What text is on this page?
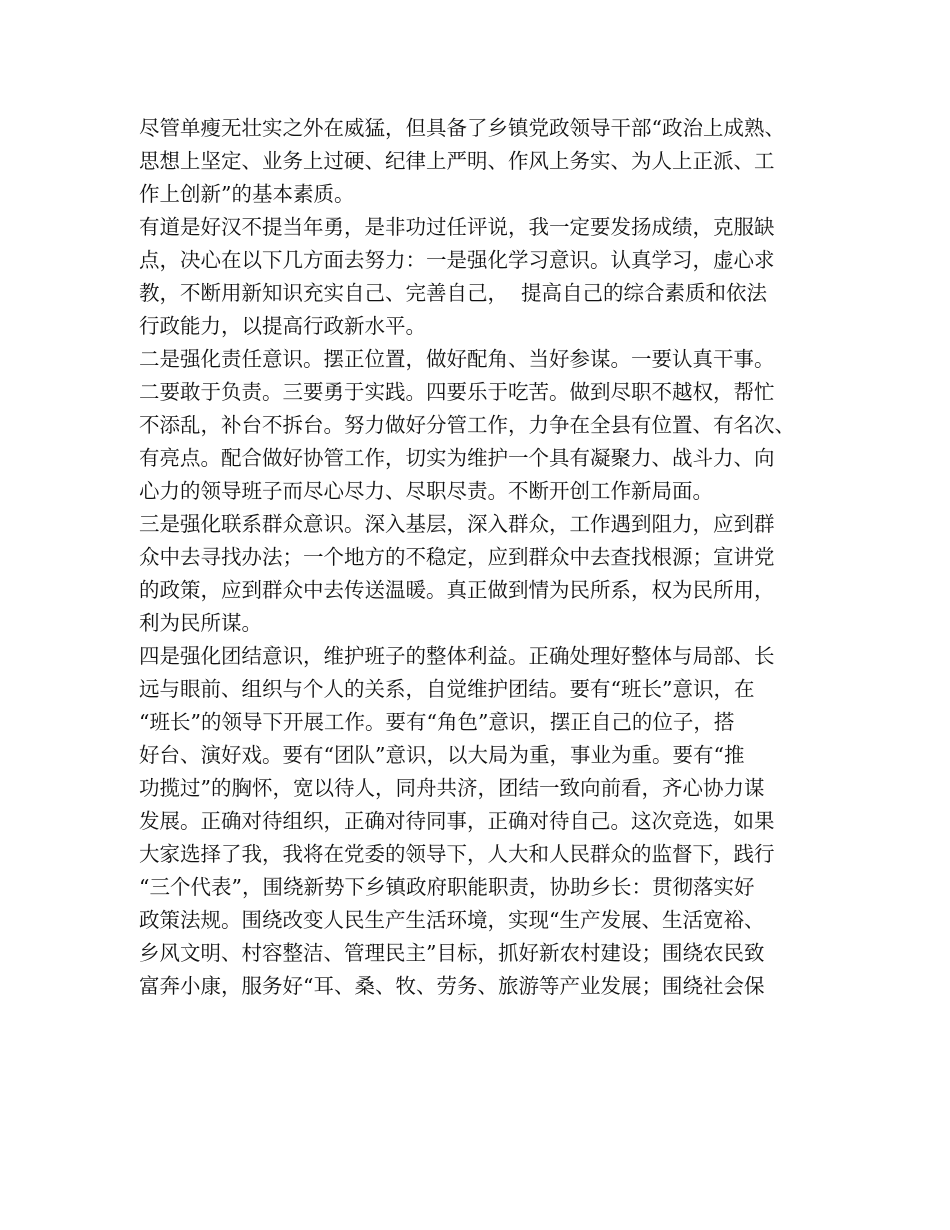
尽管单瘦无壮实之外在威猛，但具备了乡镇党政领导干部“政治上成熟、
思想上坚定、业务上过硬、纪律上严明、作风上务实、为人上正派、工
作上创新”的基本素质。
有道是好汉不提当年勇，是非功过任评说，我一定要发扬成绩，克服缺
点，决心在以下几方面去努力：一是强化学习意识。认真学习，虚心求
教，不断用新知识充实自己、完善自己，  提高自己的综合素质和依法
行政能力，以提高行政新水平。
二是强化责任意识。摆正位置，做好配角、当好参谋。一要认真干事。
二要敢于负责。三要勇于实践。四要乐于吃苦。做到尽职不越权，帮忙
不添乱，补台不拆台。努力做好分管工作，力争在全县有位置、有名次、
有亮点。配合做好协管工作，切实为维护一个具有凝聚力、战斗力、向
心力的领导班子而尽心尽力、尽职尽责。不断开创工作新局面。
三是强化联系群众意识。深入基层，深入群众，工作遇到阻力，应到群
众中去寻找办法；一个地方的不稳定，应到群众中去查找根源；宣讲党
的政策，应到群众中去传送温暖。真正做到情为民所系，权为民所用，
利为民所谋。
四是强化团结意识，维护班子的整体利益。正确处理好整体与局部、长
远与眼前、组织与个人的关系，自觉维护团结。要有“班长”意识，在
“班长”的领导下开展工作。要有“角色”意识，摆正自己的位子，搭
好台、演好戏。要有“团队”意识，以大局为重，事业为重。要有“推
功揽过”的胸怀，宽以待人，同舟共济，团结一致向前看，齐心协力谋
发展。正确对待组织，正确对待同事，正确对待自己。这次竞选，如果
大家选择了我，我将在党委的领导下，人大和人民群众的监督下，践行
“三个代表”，围绕新势下乡镇政府职能职责，协助乡长：贯彻落实好
政策法规。围绕改变人民生产生活环境，实现“生产发展、生活宽裕、
乡风文明、村容整洁、管理民主”目标，抓好新农村建设；围绕农民致
富奔小康，服务好“耳、桑、牧、劳务、旅游等产业发展；围绕社会保
